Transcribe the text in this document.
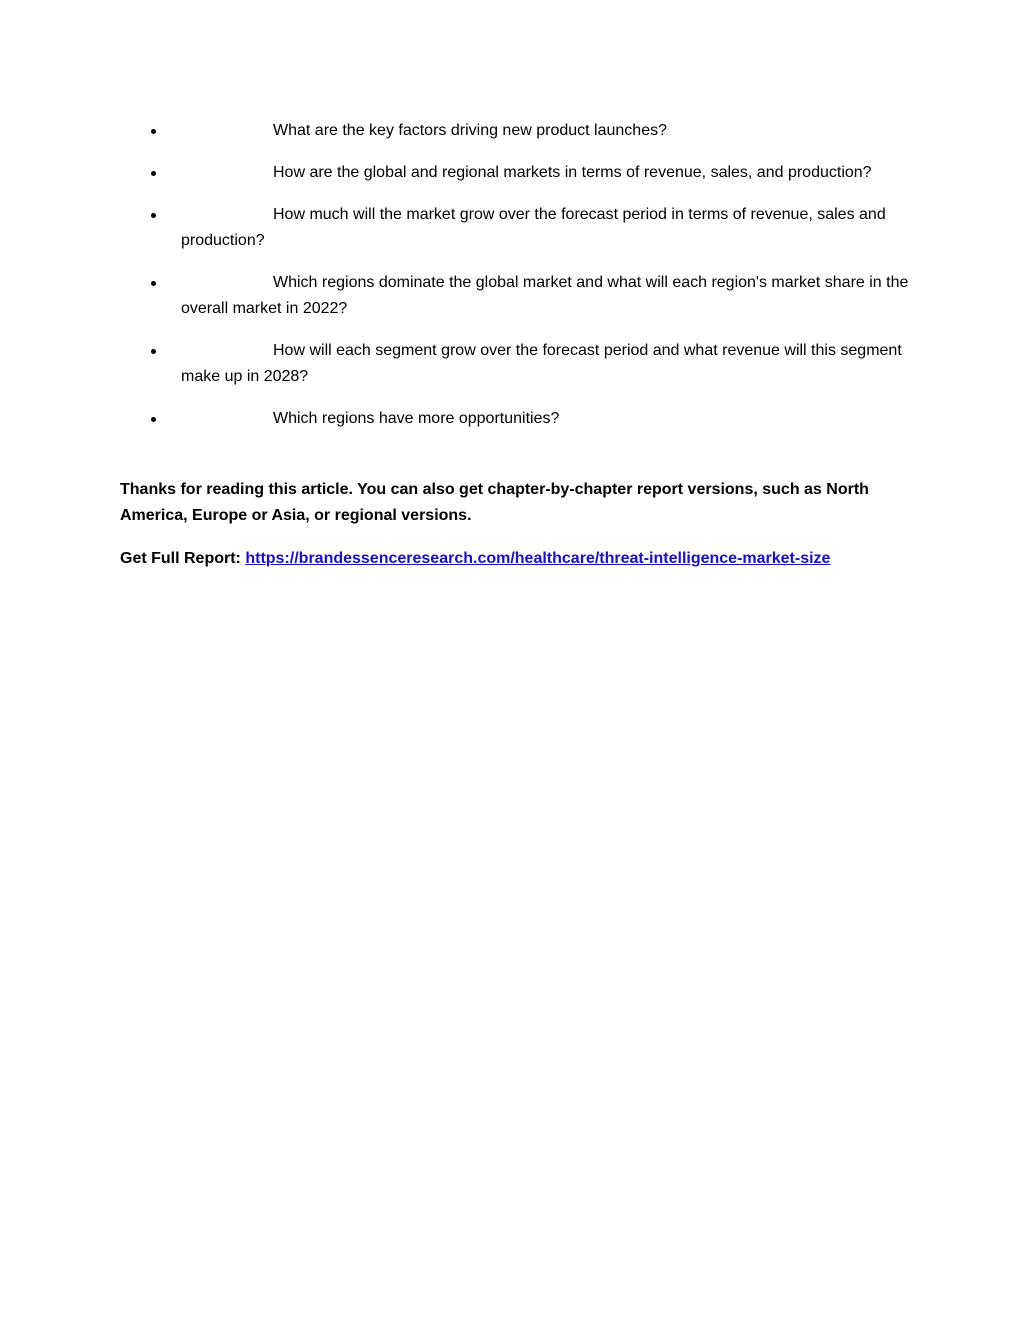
What are the key factors driving new product launches?
How are the global and regional markets in terms of revenue, sales, and production?
How much will the market grow over the forecast period in terms of revenue, sales and production?
Which regions dominate the global market and what will each region's market share in the overall market in 2022?
How will each segment grow over the forecast period and what revenue will this segment make up in 2028?
Which regions have more opportunities?

Thanks for reading this article. You can also get chapter-by-chapter report versions, such as North America, Europe or Asia, or regional versions.

Get Full Report: https://brandessenceresearch.com/healthcare/threat-intelligence-market-size
